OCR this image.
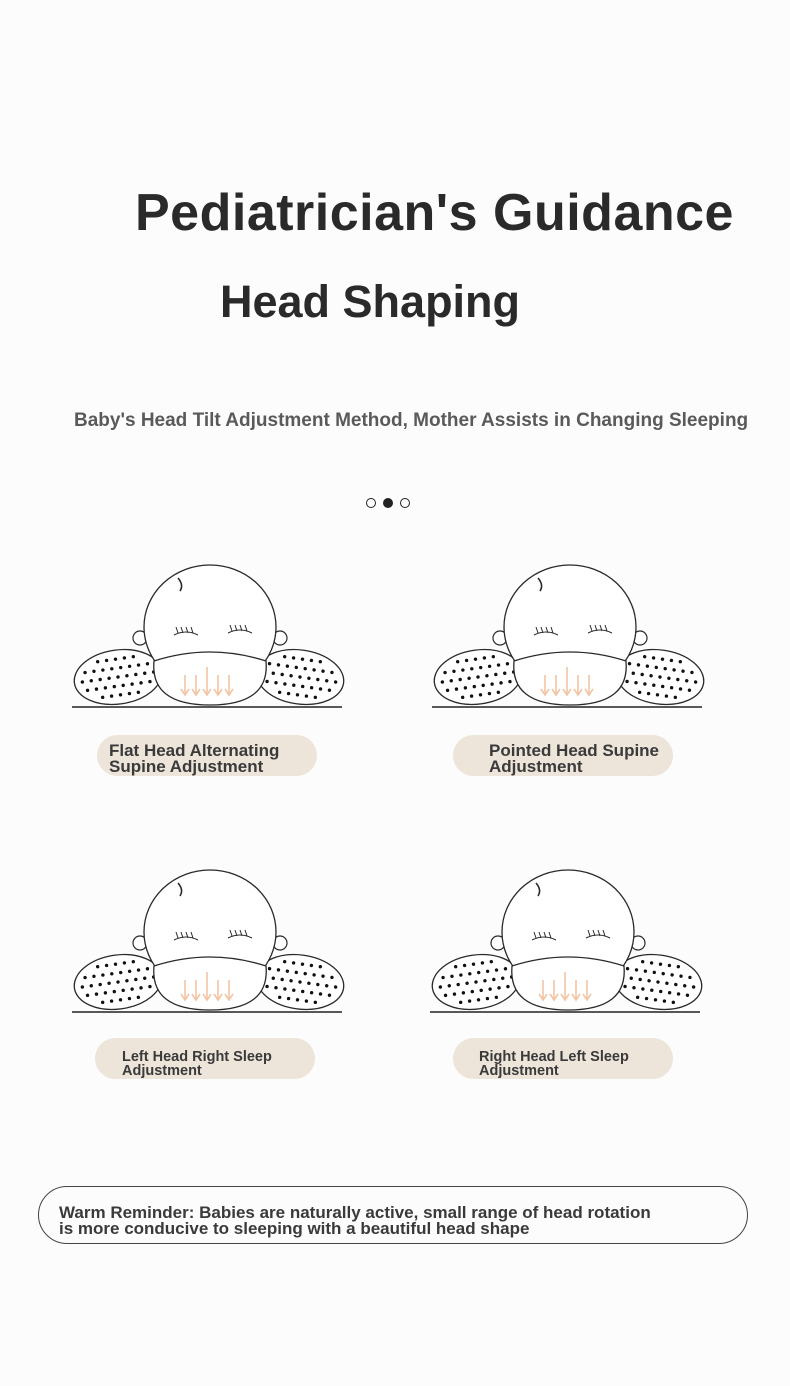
Pediatrician's Guidance
Head Shaping

Baby's Head Tilt Adjustment Method, Mother Assists in Changing Sleeping

Flat Head Alternating
Supine Adjustment
Pointed Head Supine
Adjustment
Left Head Right Sleep
Adjustment
Right Head Left Sleep
Adjustment
Warm Reminder: Babies are naturally active, small range of head rotation
is more conducive to sleeping with a beautiful head shape
